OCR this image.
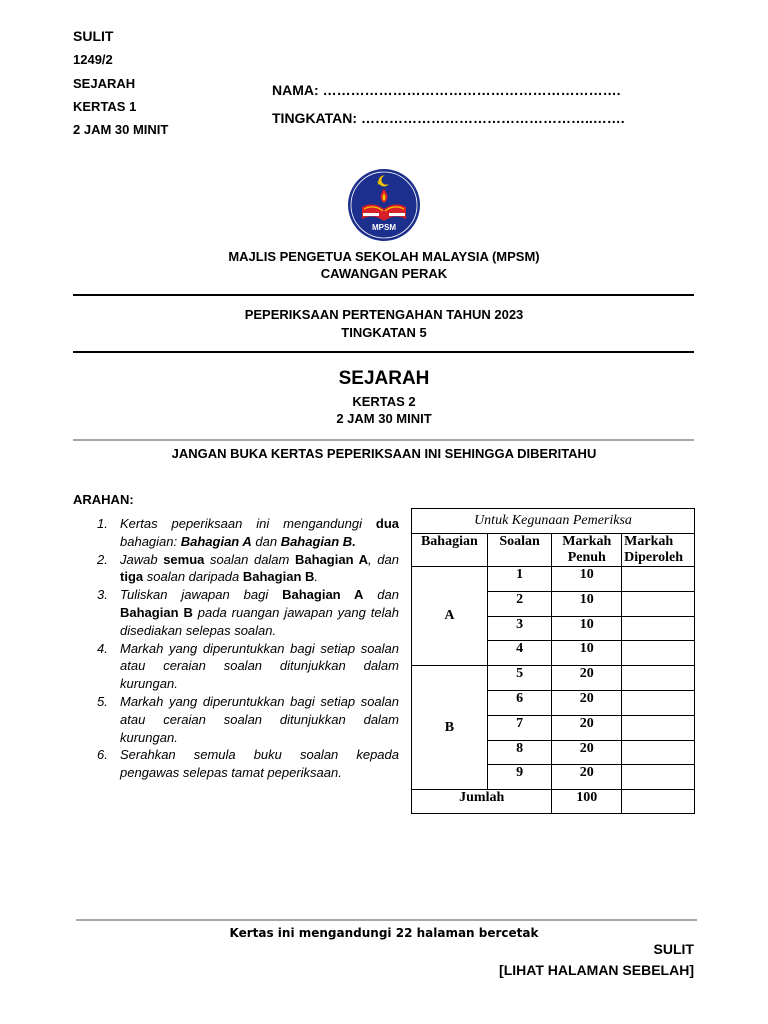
SULIT
1249/2
SEJARAH
KERTAS 1
2 JAM 30 MINIT
NAMA: ……………………………………………………….
TINGKATAN: …………………………………………..…….
MPSM
MAJLIS PENGETUA SEKOLAH MALAYSIA (MPSM)
CAWANGAN PERAK
PEPERIKSAAN PERTENGAHAN TAHUN 2023
TINGKATAN 5
SEJARAH
KERTAS 2
2 JAM 30 MINIT
JANGAN BUKA KERTAS PEPERIKSAAN INI SEHINGGA DIBERITAHU
ARAHAN:
1. Kertas peperiksaan ini mengandungi dua bahagian: Bahagian A dan Bahagian B.
2. Jawab semua soalan dalam Bahagian A, dan tiga soalan daripada Bahagian B.
3. Tuliskan jawapan bagi Bahagian A dan Bahagian B pada ruangan jawapan yang telah disediakan selepas soalan.
4. Markah yang diperuntukkan bagi setiap soalan atau ceraian soalan ditunjukkan dalam kurungan.
5. Markah yang diperuntukkan bagi setiap soalan atau ceraian soalan ditunjukkan dalam kurungan.
6. Serahkan semula buku soalan kepada pengawas selepas tamat peperiksaan.
Untuk Kegunaan Pemeriksa			
Bahagian	Soalan	Markah Penuh	Markah Diperoleh
A	1	10	
	2	10	
	3	10	
	4	10	
B	5	20	
	6	20	
	7	20	
	8	20	
	9	20	
Jumlah		100	
Kertas ini mengandungi 22 halaman bercetak
SULIT
[LIHAT HALAMAN SEBELAH]
